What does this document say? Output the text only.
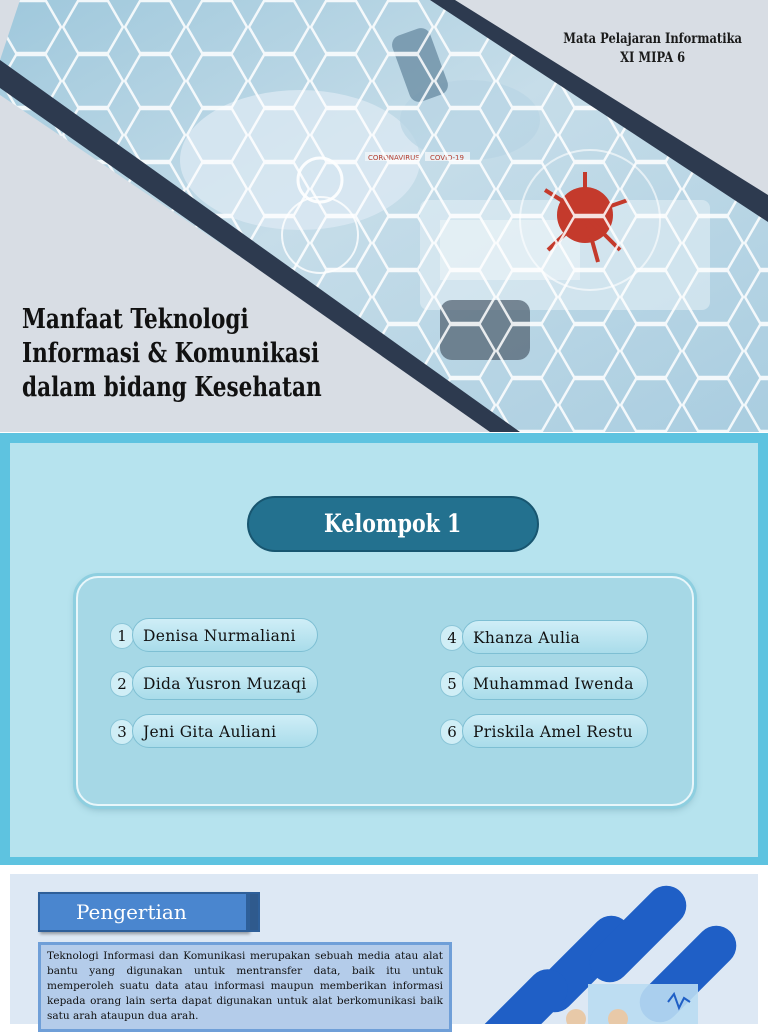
Mata Pelajaran Informatika
XI MIPA 6
Manfaat Teknologi
Informasi & Komunikasi
dalam bidang Kesehatan
Kelompok 1
1	Denisa Nurmaliani
2	Dida Yusron Muzaqi
3	Jeni Gita Auliani
4	Khanza Aulia
5	Muhammad Iwenda
6	Priskila Amel Restu
Pengertian
Teknologi Informasi dan Komunikasi merupakan sebuah media atau alat bantu yang digunakan untuk mentransfer data, baik itu untuk memperoleh suatu data atau informasi maupun memberikan informasi kepada orang lain serta dapat digunakan untuk alat berkomunikasi baik satu arah ataupun dua arah.
